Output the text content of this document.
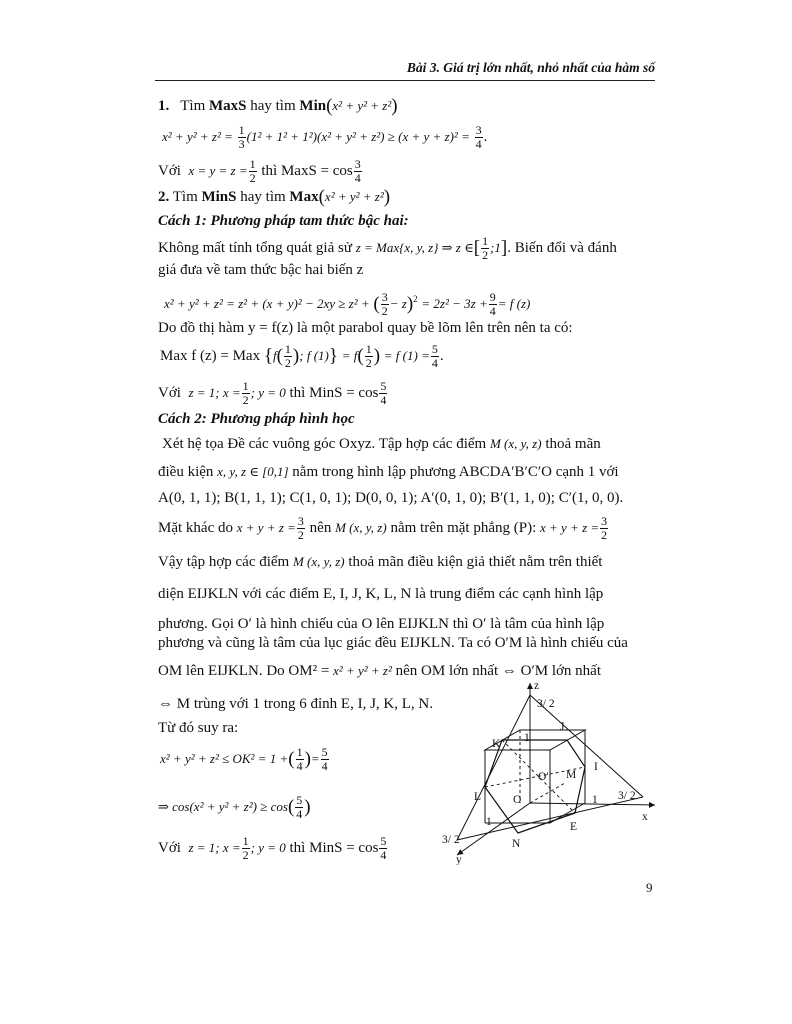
Bài 3. Giá trị lớn nhất, nhỏ nhất của hàm số
1. Tìm MaxS hay tìm Min(x² + y² + z²)
$x^2 + y^2 + z^2 = \frac{1}{3} (1^2 + 1^2 + 1^2)(x^2 + y^2 + z^2) \ge (x + y + z)^2 = \frac{3}{4}$ .
Với $x = y = z = \frac{1}{2}$ thì MaxS = $\cos \frac{3}{4}$
2. Tìm MinS hay tìm Max(x² + y² + z²)
Cách 1: Phương pháp tam thức bậc hai:
Không mất tính tổng quát giả sử z = Max{x, y, z} ⇒ z ∈[ $\frac{1}{2}$ ;1]. Biến đổi và đánh
giá đưa về tam thức bậc hai biến z
x² + y² + z² = z² + (x + y)² − 2xy ≥ z² + ( $\frac{3}{2} - z)^2 = 2z^2 - 3z + \frac{9}{4} = f$ (z)
Do đồ thị hàm y = f(z) là một parabol quay bề lõm lên trên nên ta có:
Max f (z) = Max {$f( \frac{1}{2}$ ); f $(1)\} = f( \frac{1}{2}$ ) = f $(1) = \frac{5}{4}$ .
Với z = 1; $x = \frac{1}{2}$ ; y = 0 thì MinS = $\cos \frac{5}{4}$
Cách 2: Phương pháp hình học
Xét hệ tọa Đề các vuông góc Oxyz. Tập hợp các điểm M (x, y, z) thoả mãn
điều kiện x, y, z ∈ [0,1] nằm trong hình lập phương ABCDA′B′C′O cạnh 1 với
A(0, 1, 1); B(1, 1, 1); C(1, 0, 1); D(0, 0, 1); A′(0, 1, 0); B′(1, 1, 0); C′(1, 0, 0).
Mặt khác do $x + y + z = \frac{3}{2}$ nên M (x, y, z) nằm trên mặt phẳng (P): $x + y + z = \frac{3}{2}$
Vậy tập hợp các điểm M (x, y, z) thoả mãn điều kiện giả thiết nằm trên thiết
diện EIJKLN với các điểm E, I, J, K, L, N là trung điểm các cạnh hình lập
phương. Gọi O′ là hình chiếu của O lên EIJKLN thì O′ là tâm của hình lập
phương và cũng là tâm của lục giác đều EIJKLN. Ta có O′M là hình chiếu của
OM lên EIJKLN. Do OM² = x² + y² + z² nên OM lớn nhất ⇔ O′M lớn nhất
⇔ M trùng với 1 trong 6 đỉnh E, I, J, K, L, N.
Từ đó suy ra:
x² + y² + z² ≤ OK² = 1 +( $\frac{1}{4}$ )= $\frac{5}{4}$
⇒ $\cos(x^2 + y^2 + z^2) \ge \cos( \frac{5}{4}$ )
Với z = 1; $x = \frac{1}{2}$ ; y = 0 thì MinS = $\cos \frac{5}{4}$
z
3/ 2
J
K 1
I
O′ M
L	O	3/ 2
1
x
E
1
3/ 2	N
y
9
